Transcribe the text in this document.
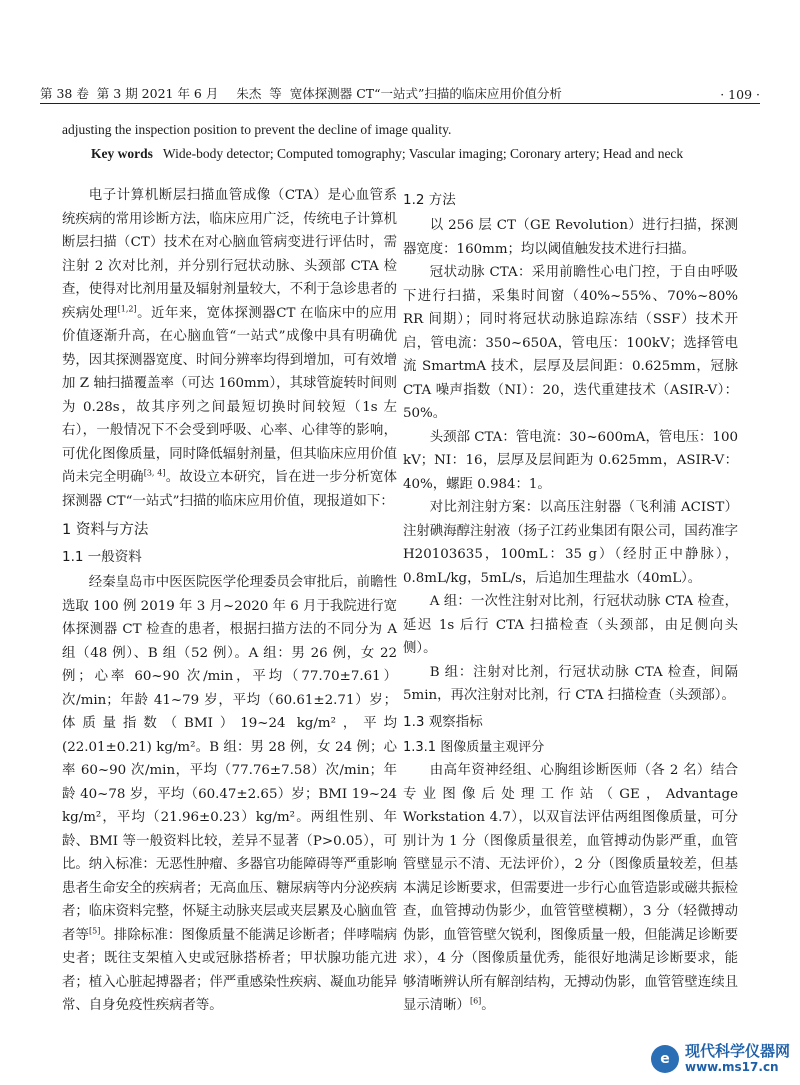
第 38 卷  第 3 期 2021 年 6 月 朱杰  等  宽体探测器 CT“一站式”扫描的临床应用价值分析	· 109 ·
adjusting the inspection position to prevent the decline of image quality.
Key words Wide-body detector; Computed tomography; Vascular imaging; Coronary artery; Head and neck

电子计算机断层扫描血管成像（CTA）是心血管系统疾病的常用诊断方法，临床应用广泛，传统电子计算机断层扫描（CT）技术在对心脑血管病变进行评估时，需注射 2 次对比剂，并分别行冠状动脉、头颈部 CTA 检查，使得对比剂用量及辐射剂量较大，不利于急诊患者的疾病处理[1,2]。近年来，宽体探测器CT 在临床中的应用价值逐渐升高，在心脑血管“一站式”成像中具有明确优势，因其探测器宽度、时间分辨率均得到增加，可有效增加 Z 轴扫描覆盖率（可达 160mm），其球管旋转时间则为 0.28s，故其序列之间最短切换时间较短（1s 左右），一般情况下不会受到呼吸、心率、心律等的影响，可优化图像质量，同时降低辐射剂量，但其临床应用价值尚未完全明确[3, 4]。故设立本研究，旨在进一步分析宽体探测器 CT“一站式”扫描的临床应用价值，现报道如下：

1 资料与方法
1.1 一般资料

经秦皇岛市中医医院医学伦理委员会审批后，前瞻性选取 100 例 2019 年 3 月~2020 年 6 月于我院进行宽体探测器 CT 检查的患者，根据扫描方法的不同分为 A 组（48 例）、B 组（52 例）。A 组：男 26 例，女 22 例；心率 60~90 次/min，平均（77.70±7.61）次/min；年龄 41~79 岁，平均（60.61±2.71）岁；体质量指数（BMI）19~24 kg/m²，平均 (22.01±0.21) kg/m²。B 组：男 28 例，女 24 例；心率 60~90 次/min，平均（77.76±7.58）次/min；年龄 40~78 岁，平均（60.47±2.65）岁；BMI 19~24 kg/m²，平均（21.96±0.23）kg/m²。两组性别、年龄、BMI 等一般资料比较，差异不显著（P>0.05），可比。纳入标准：无恶性肿瘤、多器官功能障碍等严重影响患者生命安全的疾病者；无高血压、糖尿病等内分泌疾病者；临床资料完整，怀疑主动脉夹层或夹层累及心脑血管者等[5]。排除标准：图像质量不能满足诊断者；伴哮喘病史者；既往支架植入史或冠脉搭桥者；甲状腺功能亢进者；植入心脏起搏器者；伴严重感染性疾病、凝血功能异常、自身免疫性疾病者等。

1.2 方法

以 256 层 CT（GE Revolution）进行扫描，探测器宽度：160mm；均以阈值触发技术进行扫描。

冠状动脉 CTA：采用前瞻性心电门控，于自由呼吸下进行扫描，采集时间窗（40%~55%、70%~80% RR 间期）；同时将冠状动脉追踪冻结（SSF）技术开启，管电流：350~650A，管电压：100kV；选择管电流 SmartmA 技术，层厚及层间距：0.625mm，冠脉 CTA 噪声指数（NI）：20，迭代重建技术（ASIR-V）：50%。

头颈部 CTA：管电流：30~600mA，管电压：100 kV；NI：16，层厚及层间距为 0.625mm，ASIR-V：40%，螺距 0.984：1。

对比剂注射方案：以高压注射器（飞利浦 ACIST）注射碘海醇注射液（扬子江药业集团有限公司，国药准字 H20103635，100mL：35 g）（经肘正中静脉），0.8mL/kg，5mL/s，后追加生理盐水（40mL）。

A 组：一次性注射对比剂，行冠状动脉 CTA 检查，延迟 1s 后行 CTA 扫描检查（头颈部，由足侧向头侧）。

B 组：注射对比剂，行冠状动脉 CTA 检查，间隔 5min，再次注射对比剂，行 CTA 扫描检查（头颈部）。

1.3 观察指标
1.3.1 图像质量主观评分

由高年资神经组、心胸组诊断医师（各 2 名）结合专业图像后处理工作站（GE，Advantage Workstation 4.7），以双盲法评估两组图像质量，可分别计为 1 分（图像质量很差，血管搏动伪影严重，血管管壁显示不清、无法评价），2 分（图像质量较差，但基本满足诊断要求，但需要进一步行心血管造影或磁共振检查，血管搏动伪影少，血管管壁模糊），3 分（轻微搏动伪影，血管管壁欠锐利，图像质量一般，但能满足诊断要求），4 分（图像质量优秀，能很好地满足诊断要求，能够清晰辨认所有解剖结构，无搏动伪影，血管管壁连续且显示清晰）[6]。

e	现代科学仪器网
www.ms17.cn
